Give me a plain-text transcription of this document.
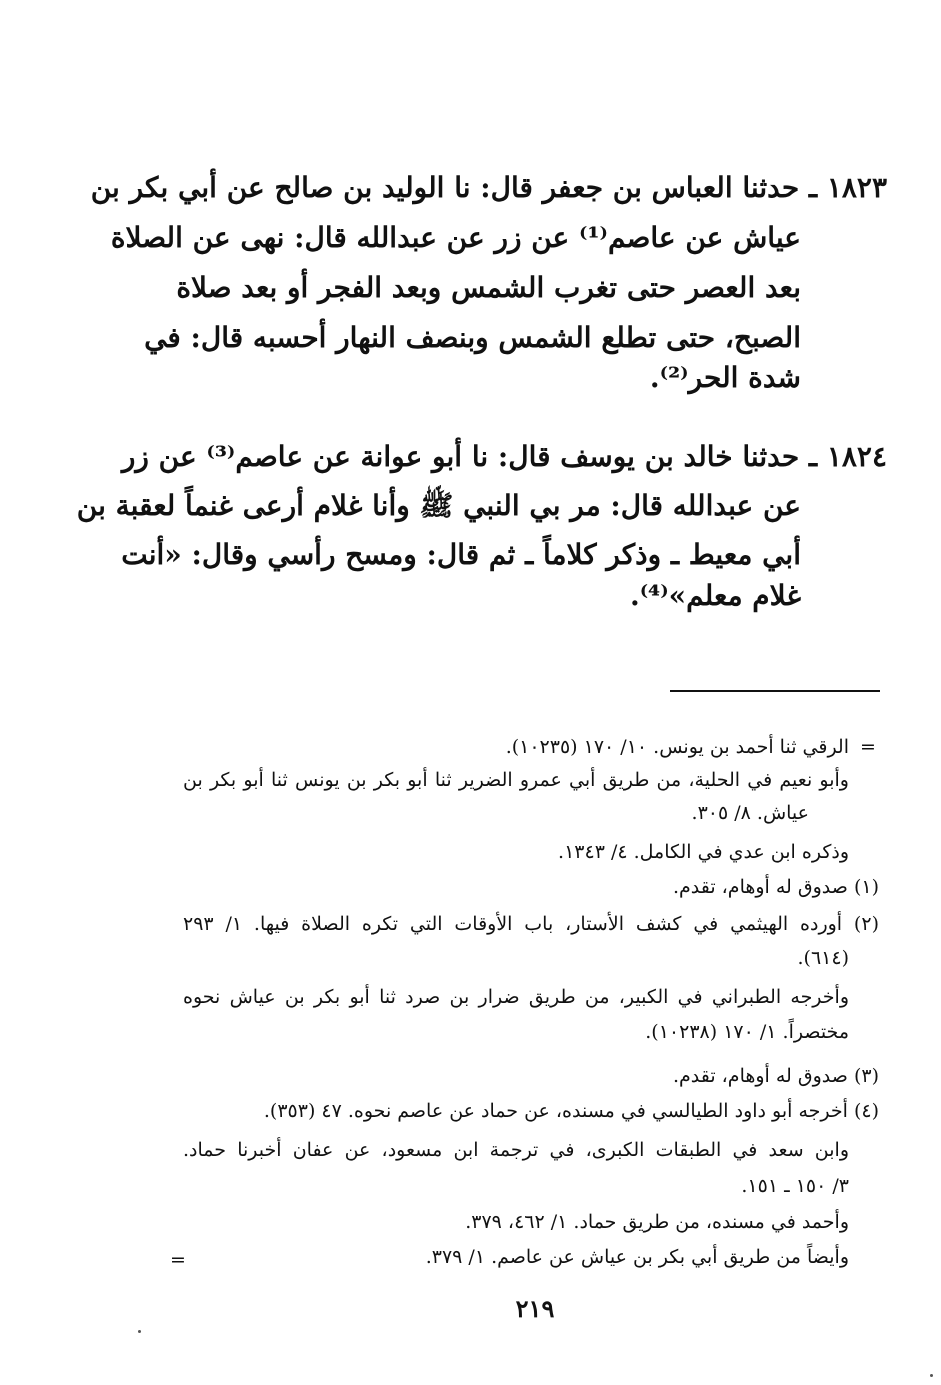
١٨٢٣ ـ حدثنا العباس بن جعفر قال: نا الوليد بن صالح عن أبي بكر بن
عياش عن عاصم⁽¹⁾ عن زر عن عبدالله قال: نهى عن الصلاة
بعد العصر حتى تغرب الشمس وبعد الفجر أو بعد صلاة
الصبح، حتى تطلع الشمس وبنصف النهار أحسبه قال: في
شدة الحر⁽²⁾.
١٨٢٤ ـ حدثنا خالد بن يوسف قال: نا أبو عوانة عن عاصم⁽³⁾ عن زر
عن عبدالله قال: مر بي النبي ﷺ وأنا غلام أرعى غنماً لعقبة بن
أبي معيط ـ وذكر كلاماً ـ ثم قال: ومسح رأسي وقال: «أنت
غلام معلم»⁽⁴⁾.
=
الرقي ثنا أحمد بن يونس. ١٠/ ١٧٠ (١٠٢٣٥).
وأبو نعيم في الحلية، من طريق أبي عمرو الضرير ثنا أبو بكر بن يونس ثنا أبو بكر بن
عياش. ٨/ ٣٠٥.
وذكره ابن عدي في الكامل. ٤/ ١٣٤٣.
(١) صدوق له أوهام، تقدم.
(٢) أورده الهيثمي في كشف الأستار، باب الأوقات التي تكره الصلاة فيها. ١/ ٢٩٣
(٦١٤).
وأخرجه الطبراني في الكبير، من طريق ضرار بن صرد ثنا أبو بكر بن عياش نحوه
مختصراً. ١/ ١٧٠ (١٠٢٣٨).
(٣) صدوق له أوهام، تقدم.
(٤) أخرجه أبو داود الطيالسي في مسنده، عن حماد عن عاصم نحوه. ٤٧ (٣٥٣).
وابن سعد في الطبقات الكبرى، في ترجمة ابن مسعود، عن عفان أخبرنا حماد.
٣/ ١٥٠ ـ ١٥١.
وأحمد في مسنده، من طريق حماد. ١/ ٤٦٢، ٣٧٩.
وأيضاً من طريق أبي بكر بن عياش عن عاصم. ١/ ٣٧٩.
=
٢١٩
